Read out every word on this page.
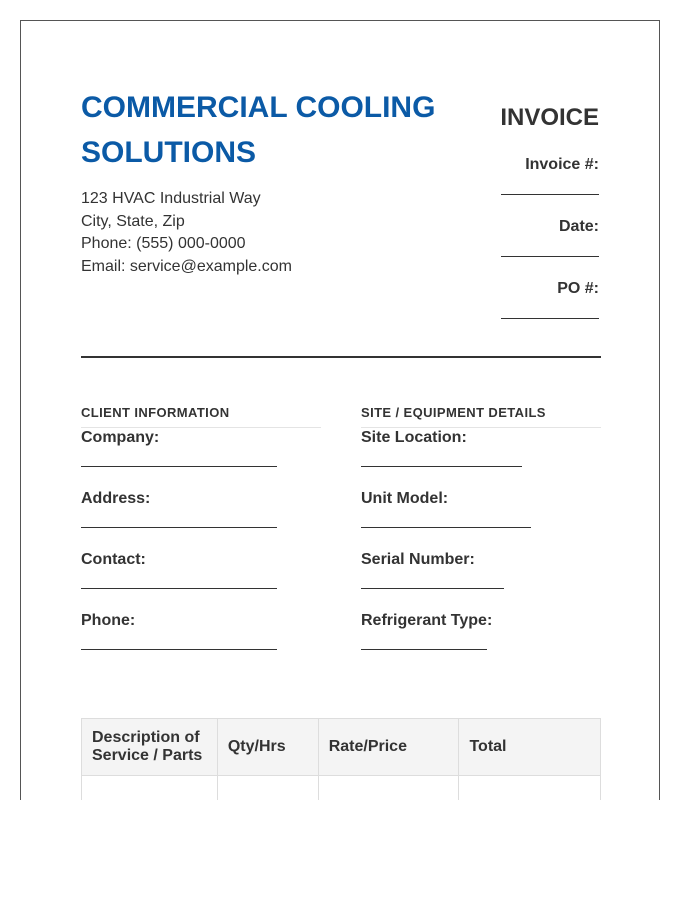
COMMERCIAL COOLING SOLUTIONS
123 HVAC Industrial Way
City, State, Zip
Phone: (555) 000-0000
Email: service@example.com
INVOICE
Invoice #:
Date:
PO #:
CLIENT INFORMATION
Company:
Address:
Contact:
Phone:
SITE / EQUIPMENT DETAILS
Site Location:
Unit Model:
Serial Number:
Refrigerant Type:
Description of Service / Parts	Qty/Hrs	Rate/Price	Total
